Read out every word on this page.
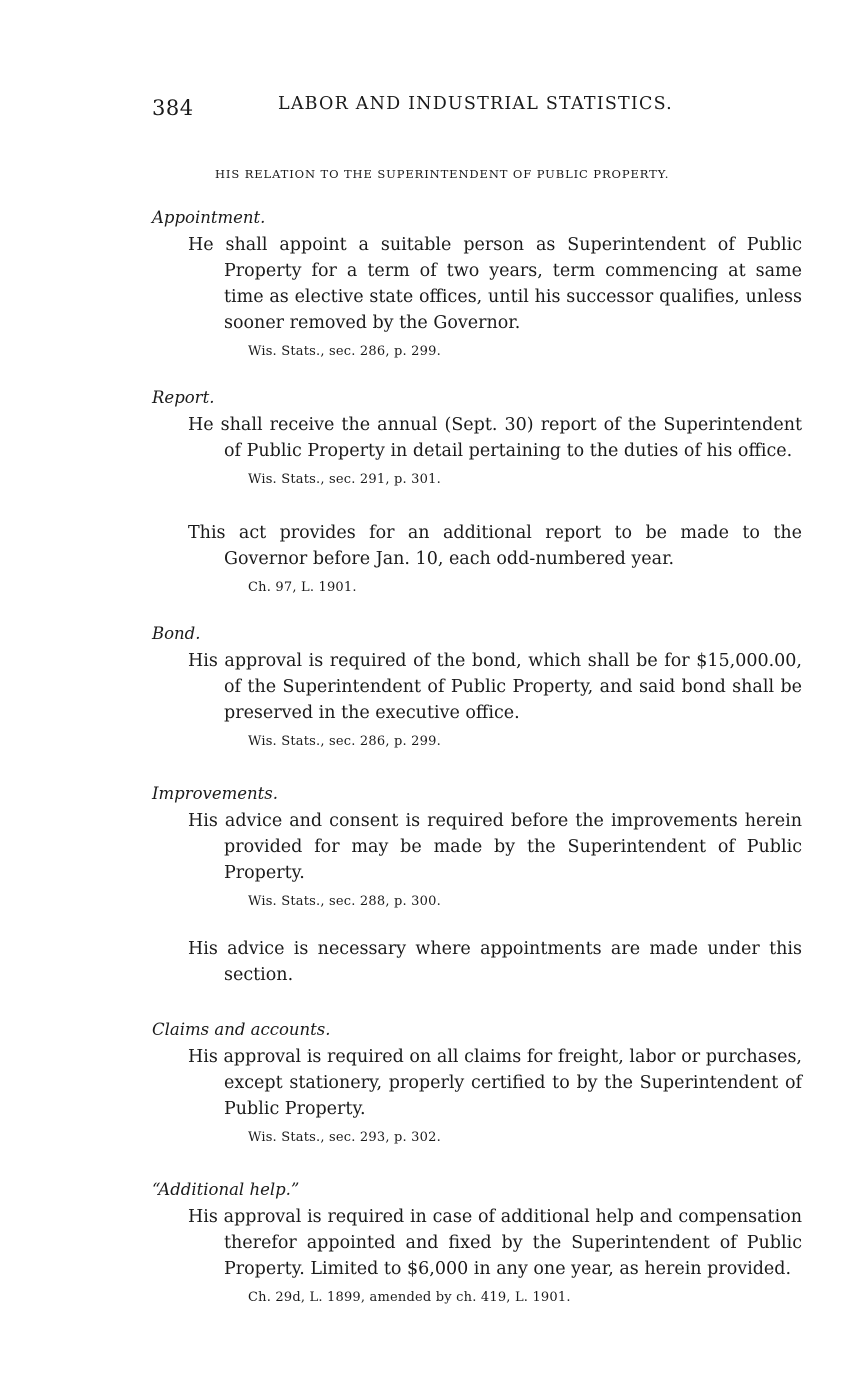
384	LABOR AND INDUSTRIAL STATISTICS.
HIS RELATION TO THE SUPERINTENDENT OF PUBLIC PROPERTY.
Appointment.

He shall appoint a suitable person as Superintendent of Public Property for a term of two years, term commencing at same time as elective state offices, until his successor qualifies, unless sooner removed by the Governor.

Wis. Stats., sec. 286, p. 299.
Report.

He shall receive the annual (Sept. 30) report of the Superintendent of Public Property in detail pertaining to the duties of his office.

Wis. Stats., sec. 291, p. 301.

This act provides for an additional report to be made to the Governor before Jan. 10, each odd-numbered year.

Ch. 97, L. 1901.
Bond.

His approval is required of the bond, which shall be for $15,000.00, of the Superintendent of Public Property, and said bond shall be preserved in the executive office.

Wis. Stats., sec. 286, p. 299.
Improvements.

His advice and consent is required before the improvements herein provided for may be made by the Superintendent of Public Property.

Wis. Stats., sec. 288, p. 300.

His advice is necessary where appointments are made under this section.

Claims and accounts.

His approval is required on all claims for freight, labor or purchases, except stationery, properly certified to by the Superintendent of Public Property.

Wis. Stats., sec. 293, p. 302.
“Additional help.”

His approval is required in case of additional help and compensation therefor appointed and fixed by the Superintendent of Public Property. Limited to $6,000 in any one year, as herein provided.

Ch. 29d, L. 1899, amended by ch. 419, L. 1901.
